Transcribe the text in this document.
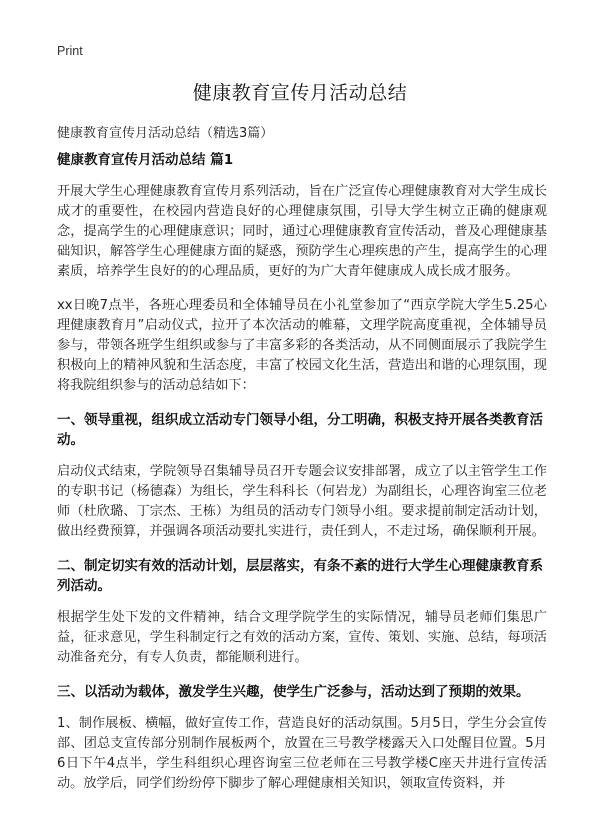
Print
健康教育宣传月活动总结
健康教育宣传月活动总结（精选3篇）
健康教育宣传月活动总结 篇1

开展大学生心理健康教育宣传月系列活动，旨在广泛宣传心理健康教育对大学生成长成才的重要性，在校园内营造良好的心理健康氛围，引导大学生树立正确的健康观念，提高学生的心理健康意识；同时，通过心理健康教育宣传活动，普及心理健康基础知识，解答学生心理健康方面的疑惑，预防学生心理疾患的产生，提高学生的心理素质，培养学生良好的的心理品质，更好的为广大青年健康成人成长成才服务。

xx日晚7点半，各班心理委员和全体辅导员在小礼堂参加了“西京学院大学生5.25心理健康教育月”启动仪式，拉开了本次活动的帷幕，文理学院高度重视，全体辅导员参与，带领各班学生组织或参与了丰富多彩的各类活动，从不同侧面展示了我院学生积极向上的精神风貌和生活态度，丰富了校园文化生活，营造出和谐的心理氛围，现将我院组织参与的活动总结如下：

一、领导重视，组织成立活动专门领导小组，分工明确，积极支持开展各类教育活动。

启动仪式结束，学院领导召集辅导员召开专题会议安排部署，成立了以主管学生工作的专职书记（杨德森）为组长，学生科科长（何岩龙）为副组长，心理咨询室三位老师（杜欣璐、丁宗杰、王栋）为组员的活动专门领导小组。要求提前制定活动计划，做出经费预算，并强调各项活动要扎实进行，责任到人，不走过场，确保顺利开展。

二、制定切实有效的活动计划，层层落实，有条不紊的进行大学生心理健康教育系列活动。

根据学生处下发的文件精神，结合文理学院学生的实际情况，辅导员老师们集思广益，征求意见，学生科制定行之有效的活动方案，宣传、策划、实施、总结，每项活动准备充分，有专人负责，都能顺利进行。

三、以活动为载体，激发学生兴趣，使学生广泛参与，活动达到了预期的效果。

1、制作展板、横幅，做好宣传工作，营造良好的活动氛围。5月5日，学生分会宣传部、团总支宣传部分别制作展板两个，放置在三号教学楼露天入口处醒目位置。5月6日下午4点半，学生科组织心理咨询室三位老师在三号教学楼C座天井进行宣传活动。放学后，同学们纷纷停下脚步了解心理健康相关知识，领取宣传资料，并
